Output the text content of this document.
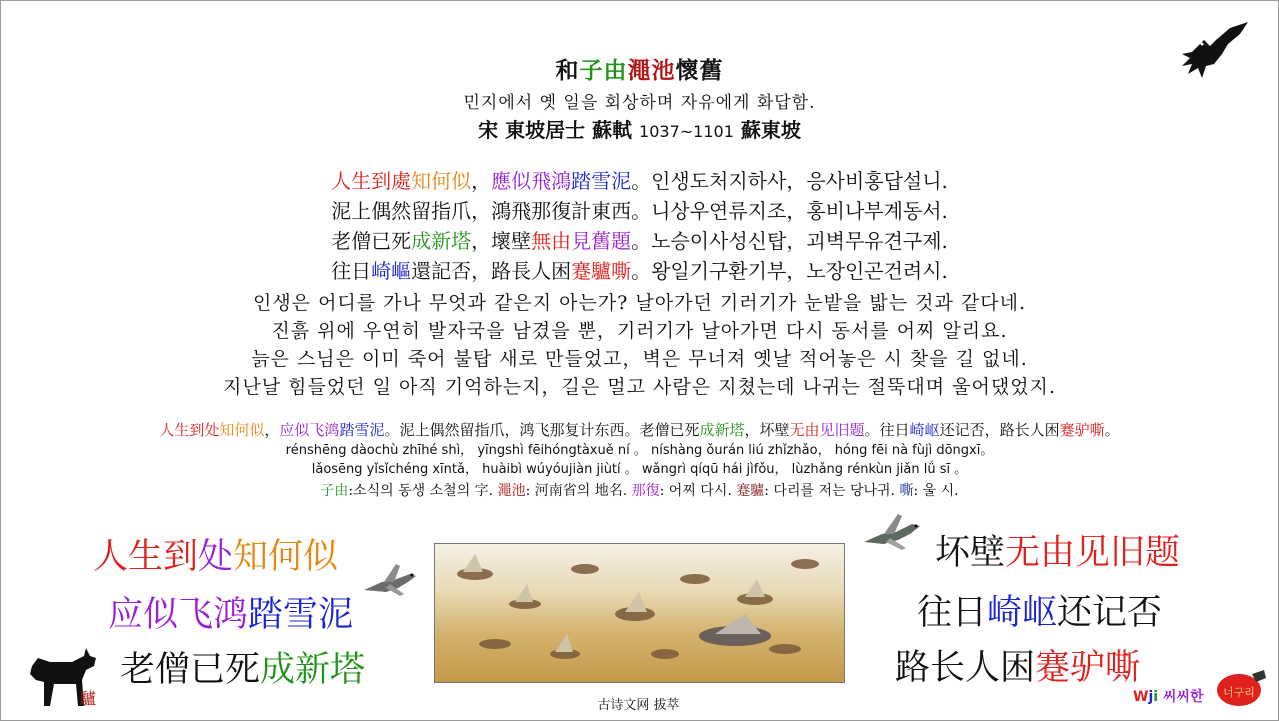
和子由澠池懷舊
민지에서 옛 일을 회상하며 자유에게 화답함.
宋 東坡居士 蘇軾 1037~1101 蘇東坡
人生到處知何似，應似飛鴻踏雪泥。인생도처지하사，응사비홍답설니.
泥上偶然留指爪，鴻飛那復計東西。니상우연류지조，홍비나부계동서.
老僧已死成新塔，壞壁無由見舊題。노승이사성신탑，괴벽무유견구제.
往日崎嶇還記否，路長人困蹇驢嘶。왕일기구환기부，노장인곤건려시.
인생은 어디를 가나 무엇과 같은지 아는가? 날아가던 기러기가 눈밭을 밟는 것과 같다네.
진흙 위에 우연히 발자국을 남겼을 뿐，기러기가 날아가면 다시 동서를 어찌 알리요.
늙은 스님은 이미 죽어 불탑 새로 만들었고，벽은 무너져 옛날 적어놓은 시 찾을 길 없네.
지난날 힘들었던 일 아직 기억하는지，길은 멀고 사람은 지쳤는데 나귀는 절뚝대며 울어댔었지.
人生到处知何似，应似飞鸿踏雪泥。泥上偶然留指爪，鸿飞那复计东西。老僧已死成新塔，坏壁无由见旧题。往日崎岖还记否，路长人困蹇驴嘶。
rénshēng dàochù zhīhé shì， yīngshì fēihóngtàxuě ní 。 níshàng ǒurán liú zhǐzhǎo， hóng fēi nà fùjì dōngxī。
lǎosēng yǐsǐchéng xīntǎ， huàibì wúyóujiàn jiùtí 。 wǎngrì qíqū hái jìfǒu， lùzhǎng rénkùn jiǎn lǘ sī 。
子由:소식의 동생 소철의 字. 澠池: 河南省의 地名. 那復: 어찌 다시. 蹇驢: 다리를 저는 당나귀. 嘶: 울 시.
人生到处知何似
应似飞鸿踏雪泥
老僧已死成新塔
驢	古诗文网 拔萃
坏壁无由见旧题
往日崎岖还记否
路长人困蹇驴嘶
Wji 씨씨한 너구리
